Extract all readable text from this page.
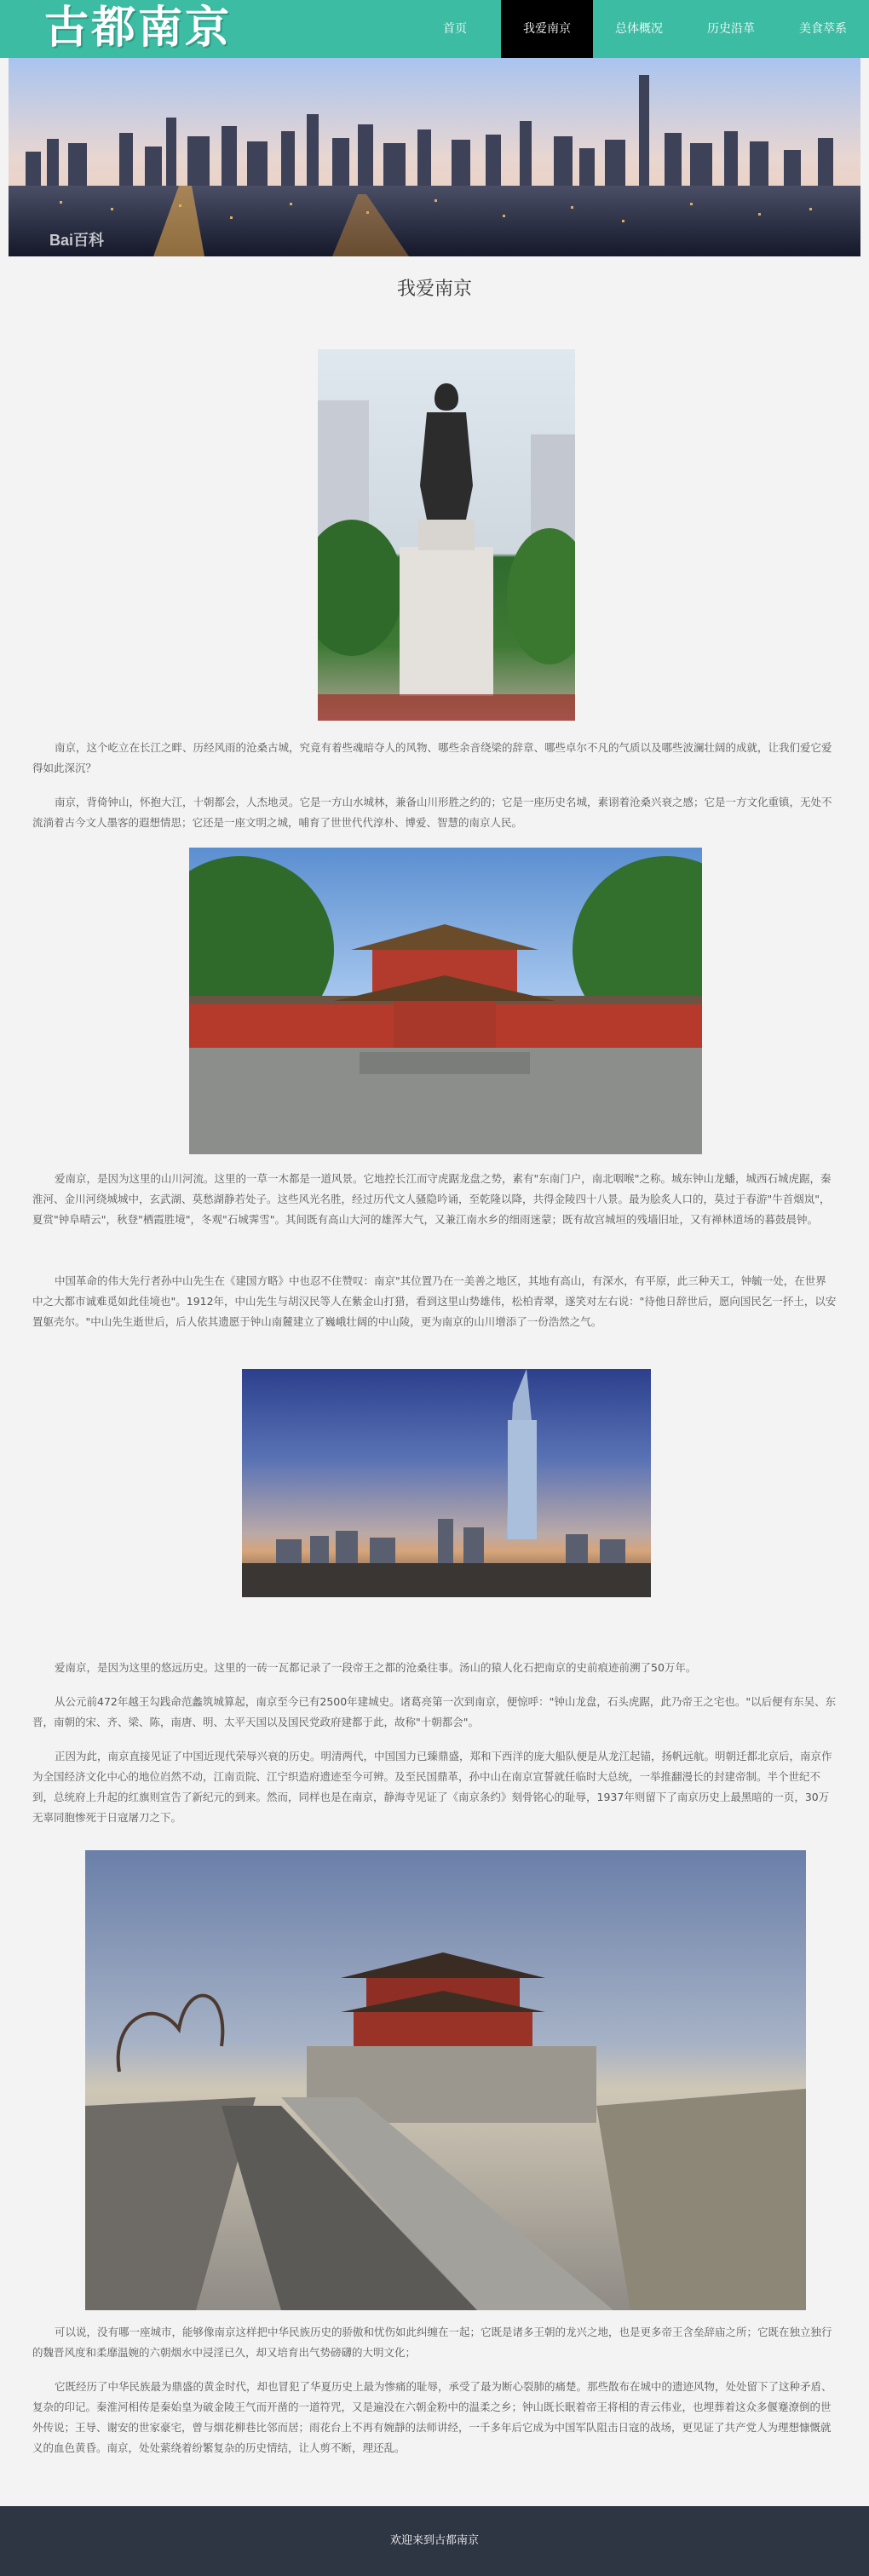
古都南京	首页	我爱南京	总体概况	历史沿革	美食萃系
Bai百科
我爱南京
南京，这个屹立在长江之畔、历经风雨的沧桑古城，究竟有着些魂暗夺人的风物、哪些余音绕梁的辞章、哪些卓尔不凡的气质以及哪些波澜壮阔的成就，让我们爱它爱得如此深沉？
南京，背倚钟山，怀抱大江，十朝都会，人杰地灵。它是一方山水城林，兼备山川形胜之约的；它是一座历史名城，素诩着沧桑兴衰之感；它是一方文化重镇，无处不流淌着古今文人墨客的遐想情思；它还是一座文明之城，哺育了世世代代淳朴、博爱、智慧的南京人民。
爱南京，是因为这里的山川河流。这里的一草一木都是一道风景。它地控长江而守虎踞龙盘之势，素有"东南门户，南北咽喉"之称。城东钟山龙蟠，城西石城虎踞，秦淮河、金川河绕城城中，玄武湖、莫愁湖静若处子。这些风光名胜，经过历代文人骚隐吟诵，至乾隆以降，共得金陵四十八景。最为脍炙人口的，莫过于春游"牛首烟岚"，夏赏"钟阜晴云"，秋登"栖霞胜境"，冬观"石城霁雪"。其间既有高山大河的雄浑大气，又兼江南水乡的细雨迷蒙；既有故宫城垣的残墙旧址，又有禅林道场的暮鼓晨钟。
中国革命的伟大先行者孙中山先生在《建国方略》中也忍不住赞叹：南京"其位置乃在一美善之地区，其地有高山，有深水，有平原，此三种天工，钟毓一处，在世界中之大都市诚难觅如此佳境也"。1912年，中山先生与胡汉民等人在紫金山打猎，看到这里山势雄伟，松柏青翠，遂笑对左右说："待他日辞世后，愿向国民乞一抔土，以安置躯壳尔。"中山先生逝世后，后人依其遗愿于钟山南麓建立了巍峨壮阔的中山陵，更为南京的山川增添了一份浩然之气。
爱南京，是因为这里的悠远历史。这里的一砖一瓦都记录了一段帝王之都的沧桑往事。汤山的猿人化石把南京的史前痕迹前溯了50万年。
从公元前472年越王勾践命范蠡筑城算起，南京至今已有2500年建城史。诸葛亮第一次到南京，便惊呼："钟山龙盘，石头虎踞，此乃帝王之宅也。"以后便有东吴、东晋，南朝的宋、齐、梁、陈，南唐、明、太平天国以及国民党政府建都于此，故称"十朝都会"。
正因为此，南京直接见证了中国近现代荣辱兴衰的历史。明清两代，中国国力已臻鼎盛，郑和下西洋的庞大船队便是从龙江起锚，扬帆远航。明朝迁都北京后，南京作为全国经济文化中心的地位岿然不动，江南贡院、江宁织造府遗迹至今可辨。及至民国鼎革，孙中山在南京宣誓就任临时大总统，一举推翻漫长的封建帝制。半个世纪不到，总统府上升起的红旗则宣告了新纪元的到来。然而，同样也是在南京，静海寺见证了《南京条约》刻骨铭心的耻辱，1937年则留下了南京历史上最黑暗的一页，30万无辜同胞惨死于日寇屠刀之下。
可以说，没有哪一座城市，能够像南京这样把中华民族历史的骄傲和忧伤如此纠缠在一起；它既是诸多王朝的龙兴之地，也是更多帝王含垒辞庙之所；它既在独立独行的魏晋风度和柔靡温婉的六朝烟水中浸淫已久，却又培育出气势磅礴的大明文化；
它既经历了中华民族最为鼎盛的黄金时代，却也冒犯了华夏历史上最为惨痛的耻辱，承受了最为断心裂肺的痛楚。那些散布在城中的遗迹风物，处处留下了这种矛盾、复杂的印记。秦淮河相传是秦始皇为破金陵王气而开凿的一道符咒，又是遍没在六朝金粉中的温柔之乡；钟山既长眠着帝王将相的青云伟业，也埋葬着这众多偃蹇潦倒的世外传说；王导、谢安的世家豪宅，曾与烟花柳巷比邻而居；雨花台上不再有婉靜的法师讲经，一千多年后它成为中国军队阻击日寇的战场，更见证了共产党人为理想慷慨就义的血色黄昏。南京，处处萦绕着纷繁复杂的历史情结，让人剪不断，理还乱。
欢迎来到古都南京
